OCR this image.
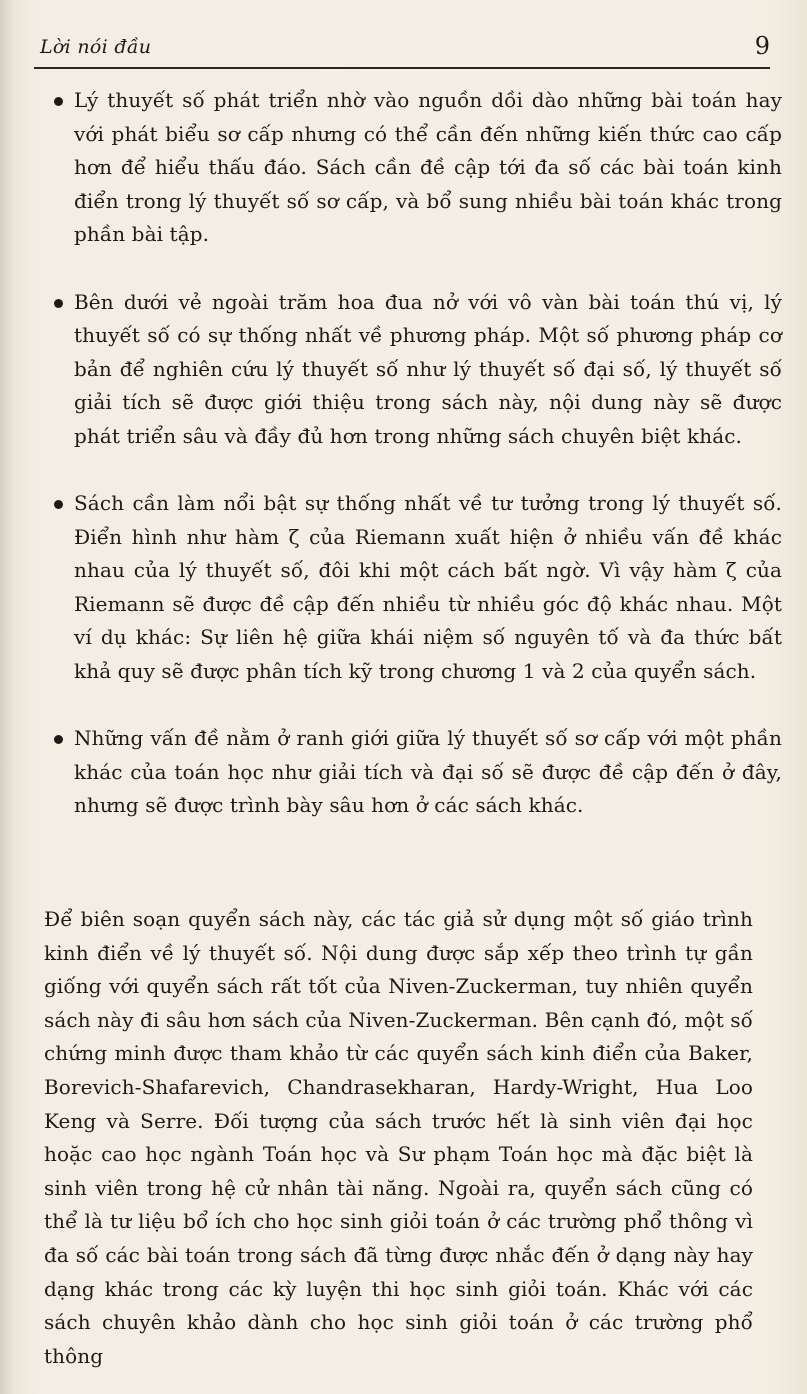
Lời nói đầu	9
Lý thuyết số phát triển nhờ vào nguồn dồi dào những bài toán hay với phát biểu sơ cấp nhưng có thể cần đến những kiến thức cao cấp hơn để hiểu thấu đáo. Sách cần đề cập tới đa số các bài toán kinh điển trong lý thuyết số sơ cấp, và bổ sung nhiều bài toán khác trong phần bài tập.
Bên dưới vẻ ngoài trăm hoa đua nở với vô vàn bài toán thú vị, lý thuyết số có sự thống nhất về phương pháp. Một số phương pháp cơ bản để nghiên cứu lý thuyết số như lý thuyết số đại số, lý thuyết số giải tích sẽ được giới thiệu trong sách này, nội dung này sẽ được phát triển sâu và đầy đủ hơn trong những sách chuyên biệt khác.
Sách cần làm nổi bật sự thống nhất về tư tưởng trong lý thuyết số. Điển hình như hàm ζ của Riemann xuất hiện ở nhiều vấn đề khác nhau của lý thuyết số, đôi khi một cách bất ngờ. Vì vậy hàm ζ của Riemann sẽ được đề cập đến nhiều từ nhiều góc độ khác nhau. Một ví dụ khác: Sự liên hệ giữa khái niệm số nguyên tố và đa thức bất khả quy sẽ được phân tích kỹ trong chương 1 và 2 của quyển sách.
Những vấn đề nằm ở ranh giới giữa lý thuyết số sơ cấp với một phần khác của toán học như giải tích và đại số sẽ được đề cập đến ở đây, nhưng sẽ được trình bày sâu hơn ở các sách khác.

Để biên soạn quyển sách này, các tác giả sử dụng một số giáo trình kinh điển về lý thuyết số. Nội dung được sắp xếp theo trình tự gần giống với quyển sách rất tốt của Niven-Zuckerman, tuy nhiên quyển sách này đi sâu hơn sách của Niven-Zuckerman. Bên cạnh đó, một số chứng minh được tham khảo từ các quyển sách kinh điển của Baker, Borevich-Shafarevich, Chandrasekharan, Hardy-Wright, Hua Loo Keng và Serre. Đối tượng của sách trước hết là sinh viên đại học hoặc cao học ngành Toán học và Sư phạm Toán học mà đặc biệt là sinh viên trong hệ cử nhân tài năng. Ngoài ra, quyển sách cũng có thể là tư liệu bổ ích cho học sinh giỏi toán ở các trường phổ thông vì đa số các bài toán trong sách đã từng được nhắc đến ở dạng này hay dạng khác trong các kỳ luyện thi học sinh giỏi toán. Khác với các sách chuyên khảo dành cho học sinh giỏi toán ở các trường phổ thông
